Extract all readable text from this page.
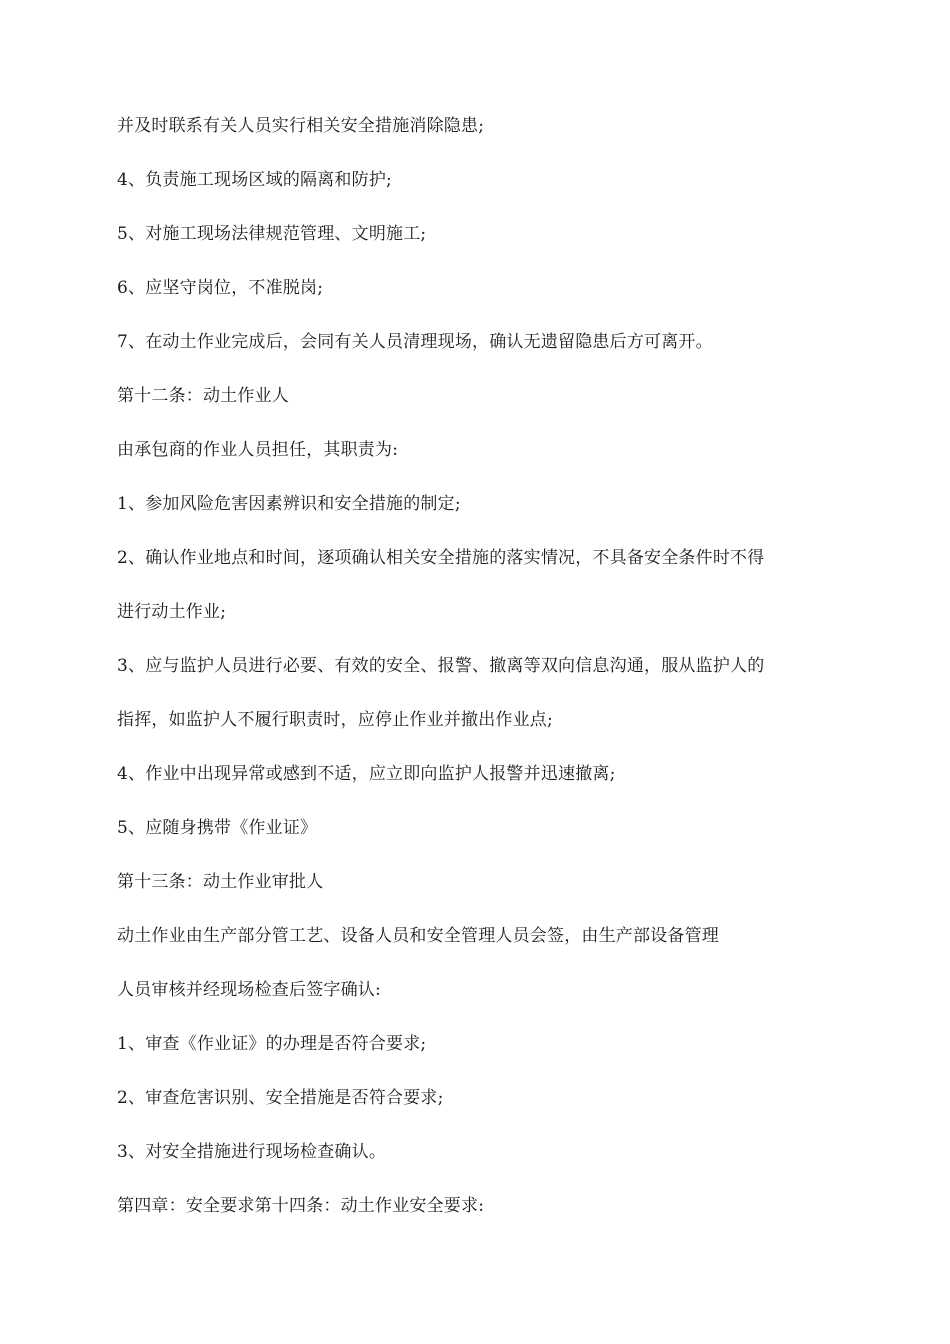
并及时联系有关人员实行相关安全措施消除隐患;
4、负责施工现场区域的隔离和防护;
5、对施工现场法律规范管理、文明施工;
6、应坚守岗位，不准脱岗;
7、在动土作业完成后，会同有关人员清理现场，确认无遗留隐患后方可离开。
第十二条：动土作业人
由承包商的作业人员担任，其职责为:
1、参加风险危害因素辨识和安全措施的制定;
2、确认作业地点和时间，逐项确认相关安全措施的落实情况，不具备安全条件时不得
进行动土作业;
3、应与监护人员进行必要、有效的安全、报警、撤离等双向信息沟通，服从监护人的
指挥，如监护人不履行职责时，应停止作业并撤出作业点;
4、作业中出现异常或感到不适，应立即向监护人报警并迅速撤离;
5、应随身携带《作业证》
第十三条：动土作业审批人
动土作业由生产部分管工艺、设备人员和安全管理人员会签，由生产部设备管理
人员审核并经现场检查后签字确认:
1、审查《作业证》的办理是否符合要求;
2、审查危害识别、安全措施是否符合要求;
3、对安全措施进行现场检查确认。
第四章：安全要求第十四条：动土作业安全要求:
